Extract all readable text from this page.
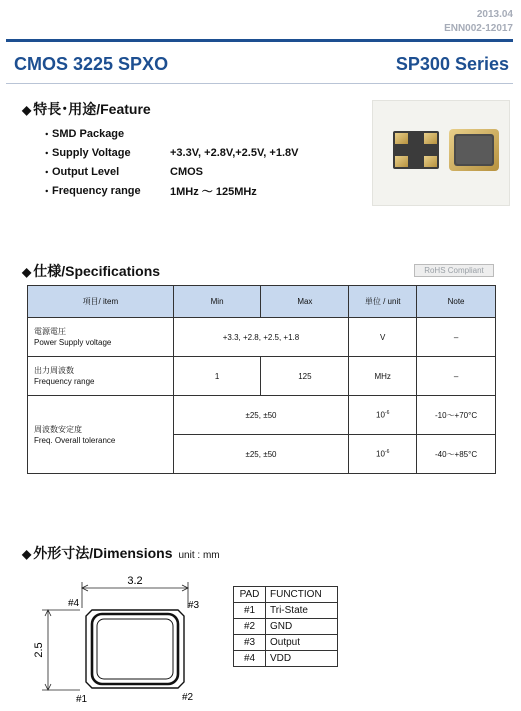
2013.04
ENN002-12017
CMOS 3225 SPXO	SP300 Series
◆ 特長･用途/Feature
･ SMD Package
･ Supply Voltage	+3.3V, +2.8V,+2.5V, +1.8V
･ Output Level	CMOS
･ Frequency range	1MHz ～ 125MHz
◆ 仕様/Specifications	RoHS Compliant
項目/ item	Min	Max	単位 / unit	Note

電源電圧
Power Supply voltage	+3.3, +2.8, +2.5, +1.8		V	–

出力周波数
Frequency range	1	125	MHz	–

周波数安定度
Freq. Overall tolerance	±25, ±50		$10^{-6}$	-10～+70°C
	±25, ±50		$10^{-6}$	-40～+85°C
◆ 外形寸法/Dimensions unit : mm
3.2
2.5
#4	#3
#1	#2
PAD	FUNCTION
#1	Tri-State
#2	GND
#3	Output
#4	VDD
